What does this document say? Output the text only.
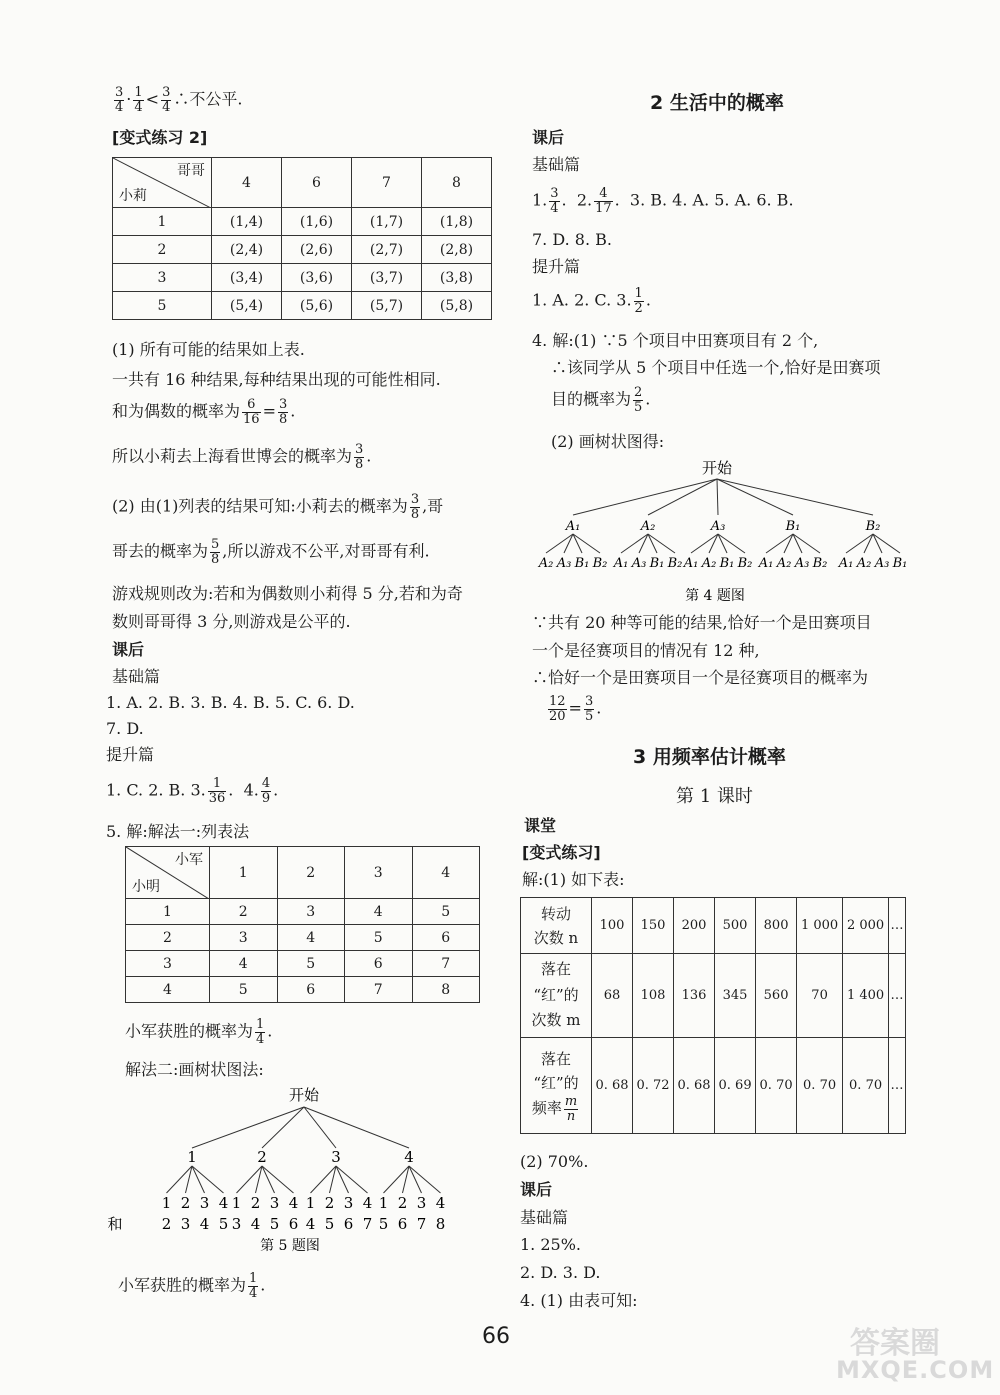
$\frac{3}{4} \cdot \frac{1}{4} < \frac{3}{4}$ ∴不公平.
[变式练习 2]
哥哥
小莉	4	6	7	8
1	(1,4)	(1,6)	(1,7)	(1,8)
2	(2,4)	(2,6)	(2,7)	(2,8)
3	(3,4)	(3,6)	(3,7)	(3,8)
5	(5,4)	(5,6)	(5,7)	(5,8)
(1) 所有可能的结果如上表.
一共有 16 种结果,每种结果出现的可能性相同.
和为偶数的概率为 $\frac{6}{16} = \frac{3}{8}$ .
所以小莉去上海看世博会的概率为 $\frac{3}{8}$ .
(2) 由(1)列表的结果可知:小莉去的概率为 $\frac{3}{8}$ ,哥
哥去的概率为 $\frac{5}{8}$ ,所以游戏不公平,对哥哥有利.
游戏规则改为:若和为偶数则小莉得 5 分,若和为奇
数则哥哥得 3 分,则游戏是公平的.
课后
基础篇
1. A. 2. B. 3. B. 4. B. 5. C. 6. D.
7. D.
提升篇
1. C. 2. B. 3. $\frac{1}{36}$ .  4. $\frac{4}{9}$ .
5. 解:解法一:列表法
小军
小明	1	2	3	4
1	2	3	4	5
2	3	4	5	6
3	4	5	6	7
4	5	6	7	8
小军获胜的概率为 $\frac{1}{4}$ .
解法二:画树状图法:
开始
1
1
2
2
3
3
4
4
5
2
1
3
2
4
3
5
4
6
3
1
4
2
5
3
6
4
7
4
1
5
2
6
3
7
4
8
和
第 5 题图
小军获胜的概率为 $\frac{1}{4}$ .
2 生活中的概率
课后
基础篇
1. $\frac{3}{4}$ .  2. $\frac{4}{17}$ .  3. B. 4. A. 5. A. 6. B.
7. D. 8. B.
提升篇
1. A. 2. C. 3. $\frac{1}{2}$ .
4. 解:(1) ∵5 个项目中田赛项目有 2 个,
∴该同学从 5 个项目中任选一个,恰好是田赛项
目的概率为 $\frac{2}{5}$ .
(2) 画树状图得:
开始
A₁
A₂ A₃ B₁ B₂
A₂
A₁ A₃ B₁ B₂
A₃
A₁ A₂ B₁ B₂
B₁
A₁ A₂ A₃ B₂
B₂
A₁ A₂ A₃ B₁
第 4 题图
∵共有 20 种等可能的结果,恰好一个是田赛项目
一个是径赛项目的情况有 12 种,
∴恰好一个是田赛项目一个是径赛项目的概率为
$\frac{12}{20} = \frac{3}{5}$ .
3 用频率估计概率
第 1 课时
课堂
[变式练习]
解:(1) 如下表:
转动
次数 n	100	150	200	500	800	1 000	2 000	…
落在
“红”的
次数 m	68	108	136	345	560	70	1 400	…
落在
“红”的
频率 $\frac{m}{n}$	0. 68	0. 72	0. 68	0. 69	0. 70	0. 70	0. 70	…
(2) 70%.
课后
基础篇
1. 25%.
2. D. 3. D.
4. (1) 由表可知:
66	答案圈
MXQE.COM
